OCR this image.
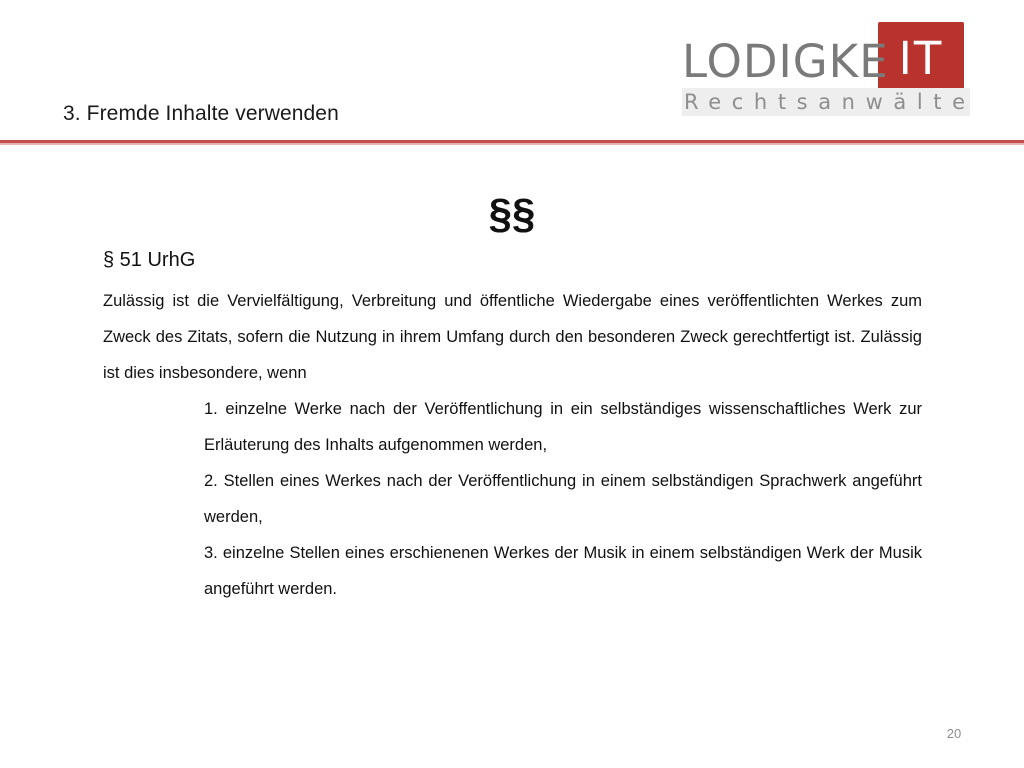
LODIGKE IT
Rechtsanwälte
3. Fremde Inhalte verwenden
§§
§ 51 UrhG
Zulässig ist die Vervielfältigung, Verbreitung und öffentliche Wiedergabe eines veröffentlichten Werkes zum Zweck des Zitats, sofern die Nutzung in ihrem Umfang durch den besonderen Zweck gerechtfertigt ist. Zulässig ist dies insbesondere, wenn
1. einzelne Werke nach der Veröffentlichung in ein selbständiges wissenschaftliches Werk zur Erläuterung des Inhalts aufgenommen werden,
2. Stellen eines Werkes nach der Veröffentlichung in einem selbständigen Sprachwerk angeführt werden,
3. einzelne Stellen eines erschienenen Werkes der Musik in einem selbständigen Werk der Musik angeführt werden.
20
